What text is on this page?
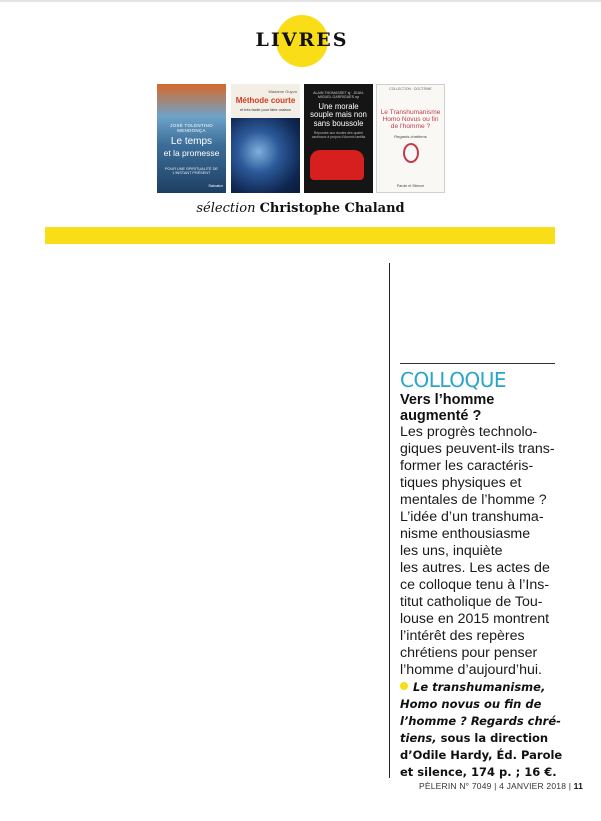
LIVRES
JOSÉ TOLENTINO MENDONÇA
Le temps
et la promesse
POUR UNE SPIRITUALITÉ DE L'INSTANT PRÉSENT
Salvator
Madame Guyon
Méthode courte
et très facile pour faire oraison
ALAIN THOMASSET sj · JEAN-MIGUEL GARRIGUES op
Une morale souple mais non sans boussole
Répondre aux doutes des quatre cardinaux à propos d'Amoris laetitia
COLLECTION · DOCTRINE
Le Transhumanisme Homo Novus ou fin de l'homme ?
Regards chrétiens
Parole et Silence
sélection Christophe Chaland
COLLOQUE
Vers l’homme
augmenté ?
Les progrès technolo-
giques peuvent-ils trans-
former les caractéris-
tiques physiques et
mentales de l’homme ?
L’idée d’un transhuma-
nisme enthousiasme
les uns, inquiète
les autres. Les actes de
ce colloque tenu à l’Ins-
titut catholique de Tou-
louse en 2015 montrent
l’intérêt des repères
chrétiens pour penser
l’homme d’aujourd’hui.
Le transhumanisme,
Homo novus ou fin de
l’homme ? Regards chré-
tiens, sous la direction
d’Odile Hardy, Éd. Parole
et silence, 174 p. ; 16 €.
PÈLERIN N° 7049 | 4 JANVIER 2018 | 11
